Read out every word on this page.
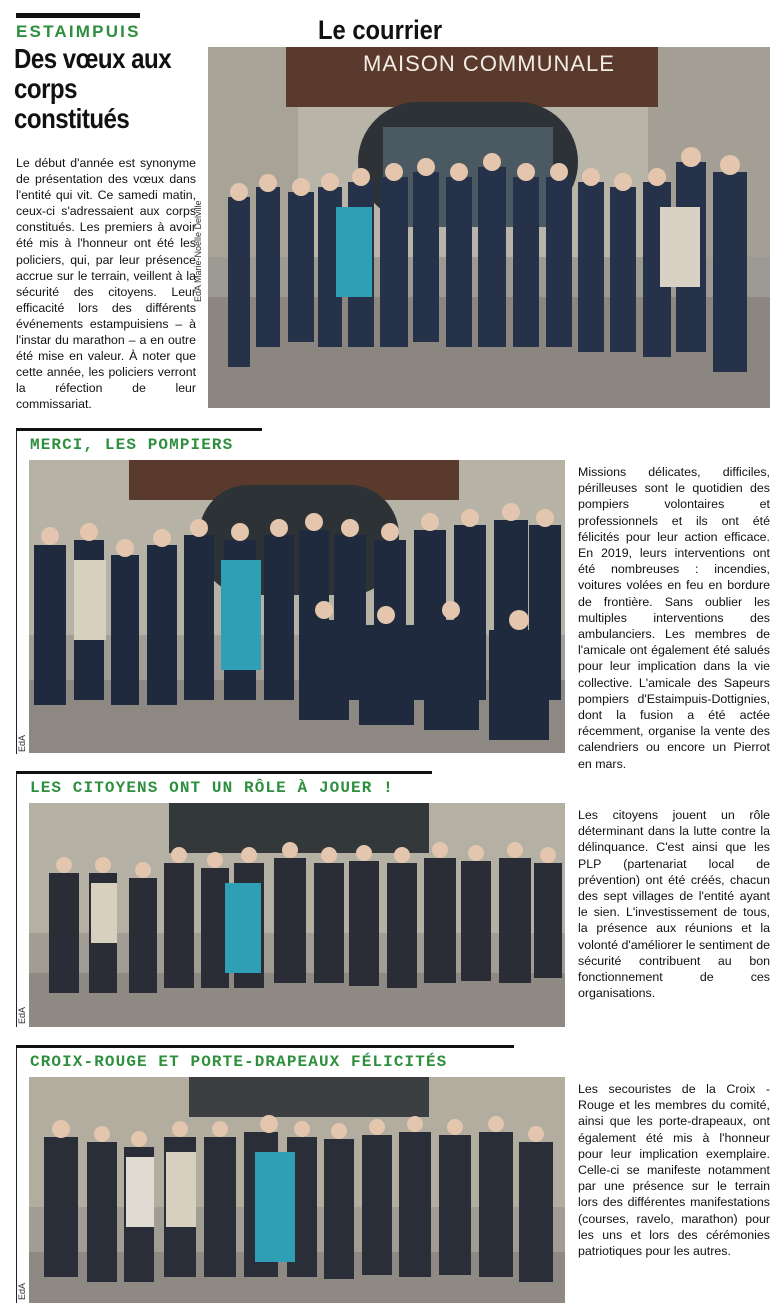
ESTAIMPUIS
Des vœux aux corps constitués
Le courrier
Le début d'année est synonyme de présentation des vœux dans l'entité qui vit. Ce samedi matin, ceux-ci s'adressaient aux corps constitués. Les premiers à avoir été mis à l'honneur ont été les policiers, qui, par leur présence accrue sur le terrain, veillent à la sécurité des citoyens. Leur efficacité lors des différents événements estampuisiens – à l'instar du marathon – a en outre été mise en valeur. À noter que cette année, les policiers verront la réfection de leur commissariat.
EdA Marie-Noëlle Delville
MAISON COMMUNALE
MERCI, LES POMPIERS
EdA
Missions délicates, difficiles, périlleuses sont le quotidien des pompiers volontaires et professionnels et ils ont été félicités pour leur action efficace. En 2019, leurs interventions ont été nombreuses : incendies, voitures volées en feu en bordure de frontière. Sans oublier les multiples interventions des ambulanciers. Les membres de l'amicale ont également été salués pour leur implication dans la vie collective. L'amicale des Sapeurs pompiers d'Estaimpuis-Dottignies, dont la fusion a été actée récemment, organise la vente des calendriers ou encore un Pierrot en mars.
LES CITOYENS ONT UN RÔLE À JOUER !
EdA
Les citoyens jouent un rôle déterminant dans la lutte contre la délinquance. C'est ainsi que les PLP (partenariat local de prévention) ont été créés, chacun des sept villages de l'entité ayant le sien. L'investissement de tous, la présence aux réunions et la volonté d'améliorer le sentiment de sécurité contribuent au bon fonctionnement de ces organisations.
CROIX-ROUGE ET PORTE-DRAPEAUX FÉLICITÉS
EdA
Les secouristes de la Croix - Rouge et les membres du comité, ainsi que les porte-drapeaux, ont également été mis à l'honneur pour leur implication exemplaire. Celle-ci se manifeste notamment par une présence sur le terrain lors des différentes manifestations (courses, ravelo, marathon) pour les uns et lors des cérémonies patriotiques pour les autres.
